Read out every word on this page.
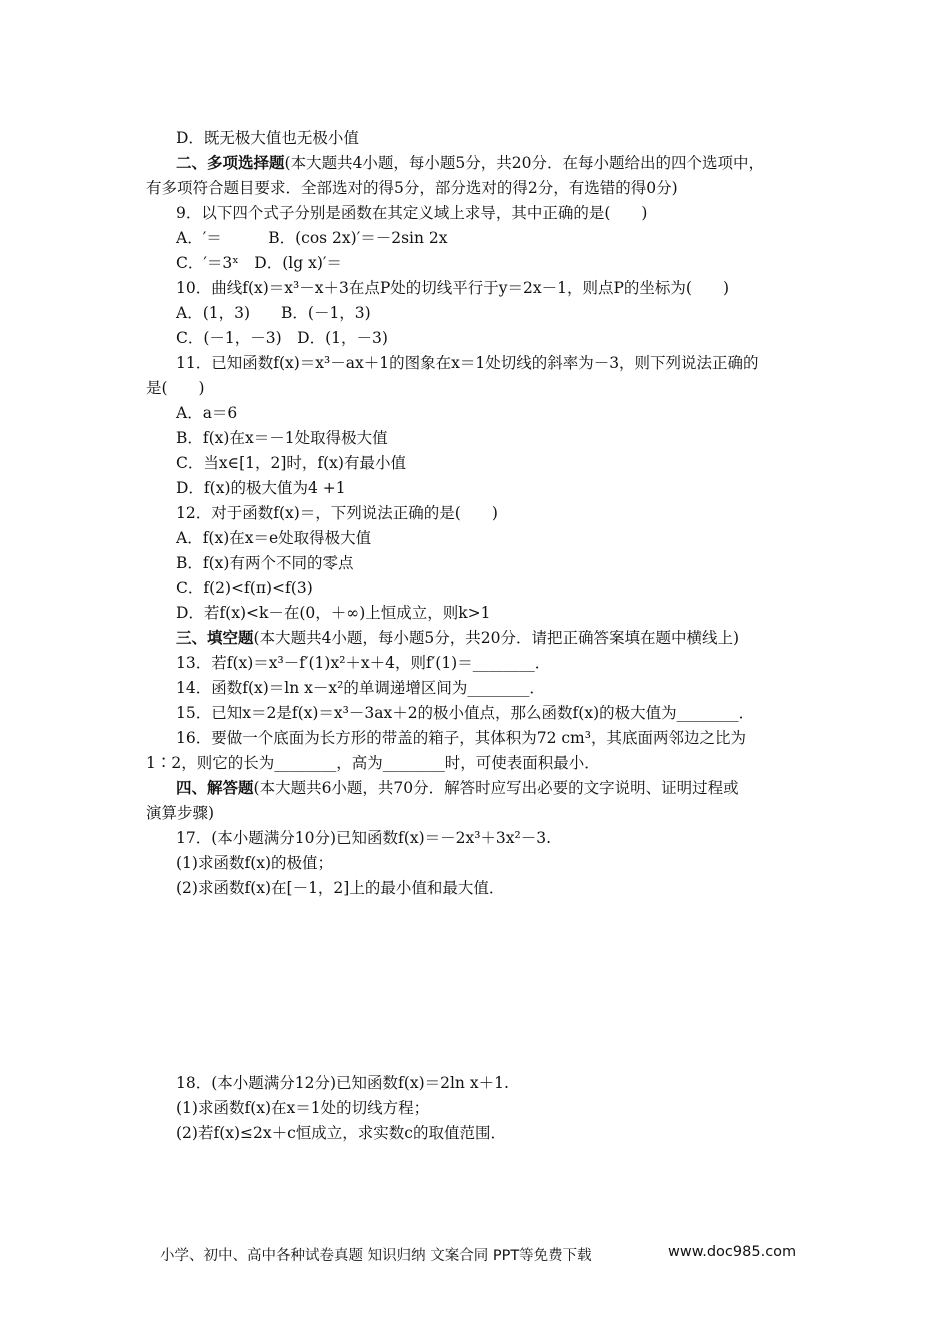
D．既无极大值也无极小值
二、多项选择题(本大题共4小题，每小题5分，共20分．在每小题给出的四个选项中，
有多项符合题目要求．全部选对的得5分，部分选对的得2分，有选错的得0分)
9．以下四个式子分别是函数在其定义域上求导，其中正确的是(　　)
A．′＝　　　B．(cos 2x)′＝－2sin 2x
C．′＝3ˣ　D．(lg x)′＝
10．曲线f(x)＝x³－x＋3在点P处的切线平行于y＝2x－1，则点P的坐标为(　　)
A．(1，3)　　B．(－1，3)
C．(－1，－3)　D．(1，－3)
11．已知函数f(x)＝x³－ax＋1的图象在x＝1处切线的斜率为－3，则下列说法正确的
是(　　)
A．a＝6
B．f(x)在x＝－1处取得极大值
C．当x∈[1，2]时，f(x)有最小值
D．f(x)的极大值为4 +1
12．对于函数f(x)＝，下列说法正确的是(　　)
A．f(x)在x＝e处取得极大值
B．f(x)有两个不同的零点
C．f(2)<f(π)<f(3)
D．若f(x)<k－在(0，＋∞)上恒成立，则k>1
三、填空题(本大题共4小题，每小题5分，共20分．请把正确答案填在题中横线上)
13．若f(x)＝x³－f′(1)x²＋x＋4，则f′(1)＝________．
14．函数f(x)＝ln x－x²的单调递增区间为________．
15．已知x＝2是f(x)＝x³－3ax＋2的极小值点，那么函数f(x)的极大值为________．
16．要做一个底面为长方形的带盖的箱子，其体积为72 cm³，其底面两邻边之比为
1∶2，则它的长为________，高为________时，可使表面积最小．
四、解答题(本大题共6小题，共70分．解答时应写出必要的文字说明、证明过程或
演算步骤)
17．(本小题满分10分)已知函数f(x)＝－2x³＋3x²－3.
(1)求函数f(x)的极值；
(2)求函数f(x)在[－1，2]上的最小值和最大值．
18．(本小题满分12分)已知函数f(x)＝2ln x＋1.
(1)求函数f(x)在x＝1处的切线方程；
(2)若f(x)≤2x＋c恒成立，求实数c的取值范围．
小学、初中、高中各种试卷真题 知识归纳 文案合同 PPT等免费下载	www.doc985.com
